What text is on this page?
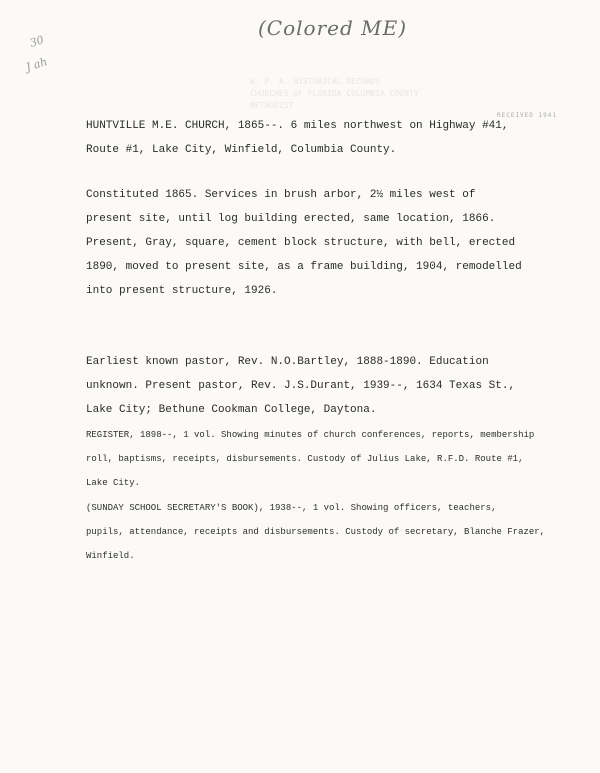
(Colored ME)
30
J ah
W. P. A. HISTORICAL RECORDS
CHURCHES OF FLORIDA COLUMBIA COUNTY
METHODIST
RECEIVED 1941
HUNTVILLE M.E. CHURCH, 1865--. 6 miles northwest on Highway #41,
Route #1, Lake City, Winfield, Columbia County.
Constituted 1865. Services in brush arbor, 2½ miles west of
present site, until log building erected, same location, 1866.
Present, Gray, square, cement block structure, with bell, erected
1890, moved to present site, as a frame building, 1904, remodelled
into present structure, 1926.
Earliest known pastor, Rev. N.O.Bartley, 1888-1890. Education
unknown. Present pastor, Rev. J.S.Durant, 1939--, 1634 Texas St.,
Lake City; Bethune Cookman College, Daytona.
REGISTER, 1898--, 1 vol. Showing minutes of church conferences, reports, membership
roll, baptisms, receipts, disbursements. Custody of Julius Lake, R.F.D. Route #1,
Lake City.
(SUNDAY SCHOOL SECRETARY'S BOOK), 1938--, 1 vol. Showing officers, teachers,
pupils, attendance, receipts and disbursements. Custody of secretary, Blanche Frazer,
Winfield.
